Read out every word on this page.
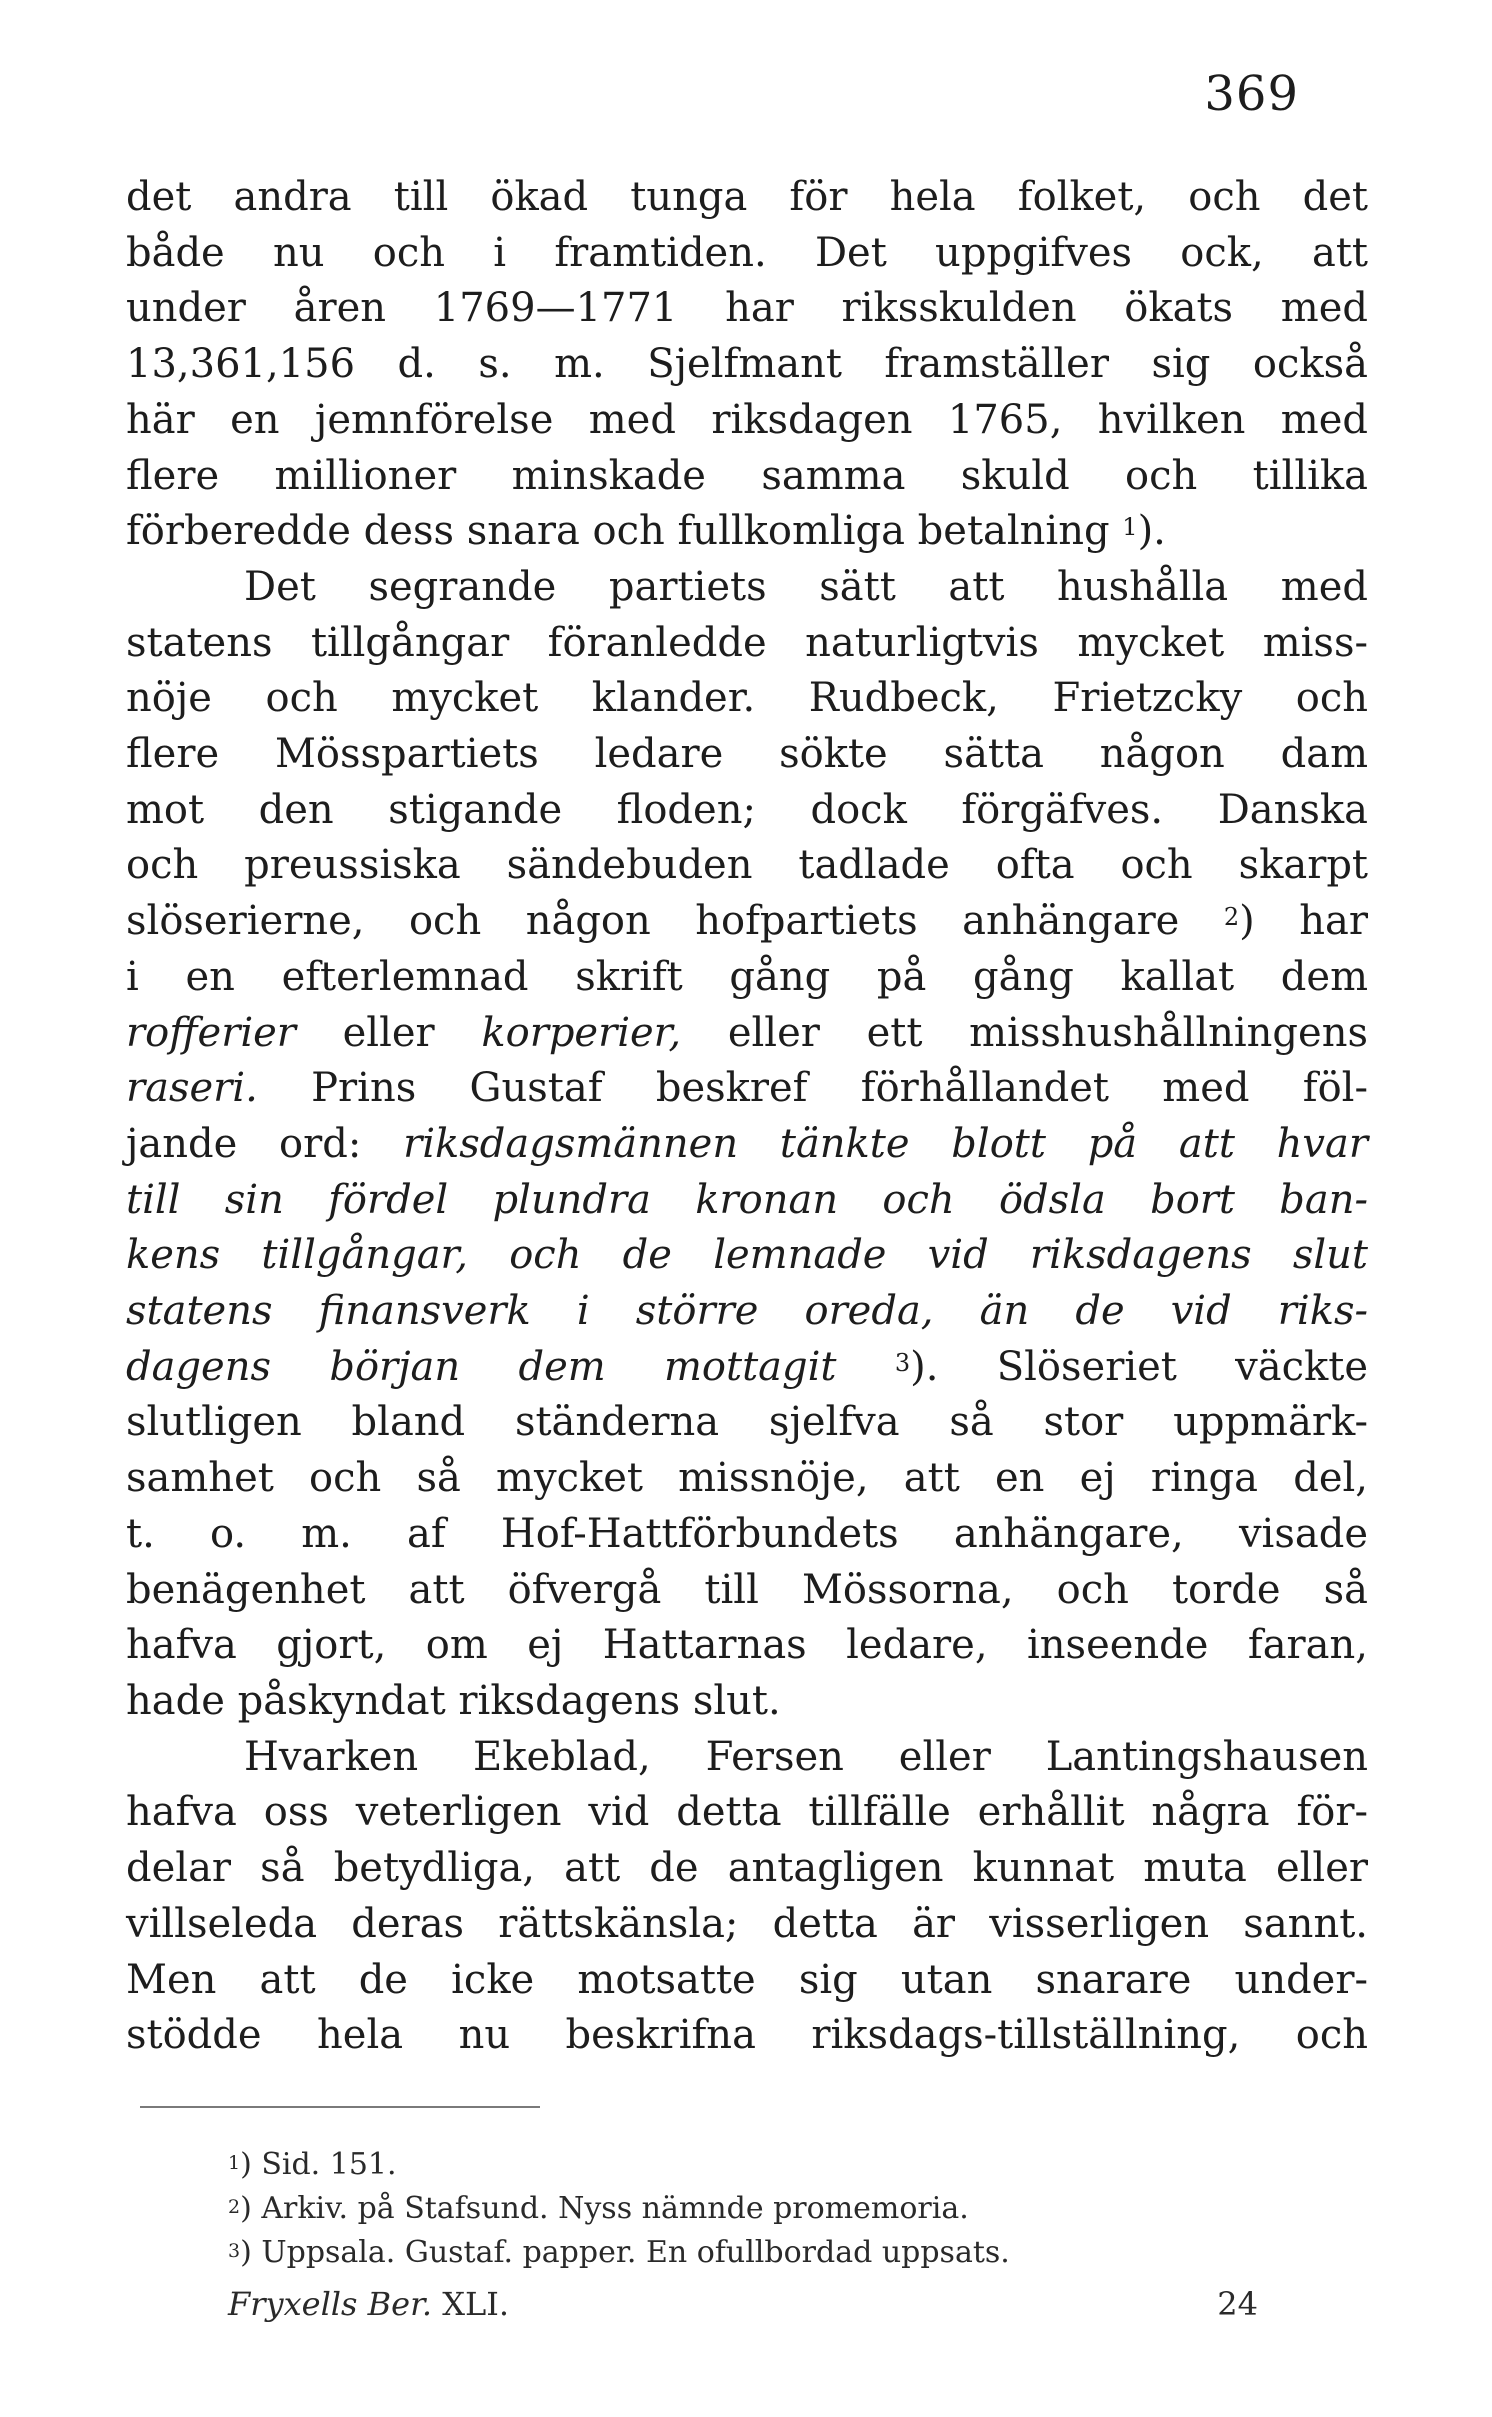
369
det andra till ökad tunga för hela folket, och det
både nu och i framtiden. Det uppgifves ock, att
under åren 1769—1771 har riksskulden ökats med
13,361,156 d. s. m. Sjelfmant framställer sig också
här en jemnförelse med riksdagen 1765, hvilken med
flere millioner minskade samma skuld och tillika
förberedde dess snara och fullkomliga betalning $^1$).
Det segrande partiets sätt att hushålla med
statens tillgångar föranledde naturligtvis mycket miss-
nöje och mycket klander. Rudbeck, Frietzcky och
flere Mösspartiets ledare sökte sätta någon dam
mot den stigande floden; dock förgäfves. Danska
och preussiska sändebuden tadlade ofta och skarpt
slöserierne, och någon hofpartiets anhängare $^2$) har
i en efterlemnad skrift gång på gång kallat dem
rofferier eller korperier, eller ett misshushållningens
raseri. Prins Gustaf beskref förhållandet med föl-
jande ord: riksdagsmännen tänkte blott på att hvar
till sin fördel plundra kronan och ödsla bort ban-
kens tillgångar, och de lemnade vid riksdagens slut
statens finansverk i större oreda, än de vid riks-
dagens början dem mottagit $^3$). Slöseriet väckte
slutligen bland ständerna sjelfva så stor uppmärk-
samhet och så mycket missnöje, att en ej ringa del,
t. o. m. af Hof-Hattförbundets anhängare, visade
benägenhet att öfvergå till Mössorna, och torde så
hafva gjort, om ej Hattarnas ledare, inseende faran,
hade påskyndat riksdagens slut.
Hvarken Ekeblad, Fersen eller Lantingshausen
hafva oss veterligen vid detta tillfälle erhållit några för-
delar så betydliga, att de antagligen kunnat muta eller
villseleda deras rättskänsla; detta är visserligen sannt.
Men att de icke motsatte sig utan snarare under-
stödde hela nu beskrifna riksdags-tillställning, och
$^1$) Sid. 151.
$^2$) Arkiv. på Stafsund. Nyss nämnde promemoria.
$^3$) Uppsala. Gustaf. papper. En ofullbordad uppsats.
Fryxells Ber. XLI.	24
